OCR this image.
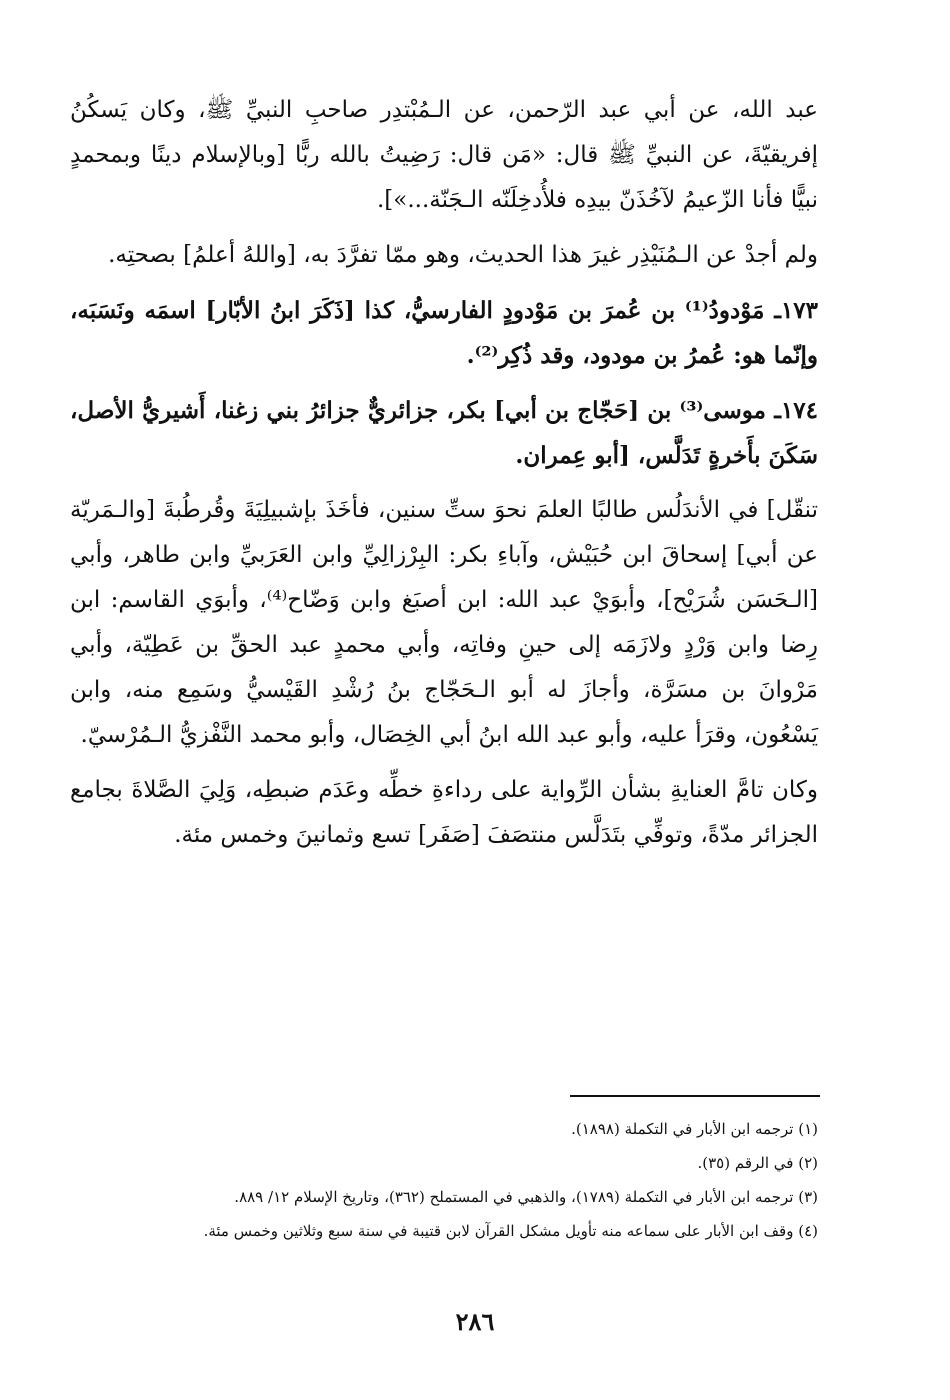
عبد الله، عن أبي عبد الرّحمن، عن الـمُبْتدِر صاحبِ النبيِّ ﷺ، وكان يَسكُنُ إفريقيّةَ، عن النبيِّ ﷺ قال: «مَن قال: رَضِيتُ بالله ربًّا [وبالإسلام دينًا وبمحمدٍ نبيًّا فأنا الزّعيمُ لآخُذَنّ بيدِه فلأُدخِلَنّه الـجَنّة...»].

ولم أجدْ عن الـمُنَيْذِر غيرَ هذا الحديث، وهو ممّا تفرَّدَ به، [واللهُ أعلمُ] بصحتِه.

١٧٣ـ مَوْدودُ⁽¹⁾ بن عُمرَ بن مَوْدودٍ الفارسيُّ، كذا [ذَكَرَ ابنُ الأبّار] اسمَه ونَسَبَه، وإنّما هو: عُمرُ بن مودود، وقد ذُكِر⁽²⁾.

١٧٤ـ موسى⁽³⁾ بن [حَجّاج بن أبي] بكر، جزائريٌّ جزائرُ بني زغنا، أَشيريُّ الأصل، سَكَنَ بأَخرةٍ تَدَلَّس، [أبو عِمران.

تنقّل] في الأندَلُس طالبًا العلمَ نحوَ ستِّ سنين، فأخَذَ بإشبيلِيَةَ وقُرطُبةَ [والـمَريّة عن أبي] إسحاقَ ابن حُبَيْش، وآباءِ بكر: البِرْزالِيِّ وابن العَرَبيِّ وابن طاهر، وأبي [الـحَسَن شُرَيْح]، وأبوَيْ عبد الله: ابن أصبَغ وابن وَضّاح⁽⁴⁾، وأبوَي القاسم: ابن رِضا وابن وَرْدٍ ولازَمَه إلى حينِ وفاتِه، وأبي محمدٍ عبد الحقِّ بن عَطِيّة، وأبي مَرْوانَ بن مسَرَّة، وأجازَ له أبو الـحَجّاج بنُ رُشْدِ القَيْسيُّ وسَمِع منه، وابن يَسْعُون، وقرَأ عليه، وأبو عبد الله ابنُ أبي الخِصَال، وأبو محمد النَّفْزيُّ الـمُرْسيّ.

وكان تامَّ العنايةِ بشأن الرِّواية على رداءةِ خطِّه وعَدَم ضبطِه، وَلِيَ الصَّلاةَ بجامع الجزائر مدّةً، وتوفِّي بتَدَلَّس منتصَفَ [صَفَر] تسع وثمانينَ وخمس مئة.

(١) ترجمه ابن الأبار في التكملة (١٨٩٨).

(٢) في الرقم (٣٥).

(٣) ترجمه ابن الأبار في التكملة (١٧٨٩)، والذهبي في المستملح (٣٦٢)، وتاريخ الإسلام ١٢/ ٨٨٩.

(٤) وقف ابن الأبار على سماعه منه تأويل مشكل القرآن لابن قتيبة في سنة سبع وثلاثين وخمس مئة.

٢٨٦
